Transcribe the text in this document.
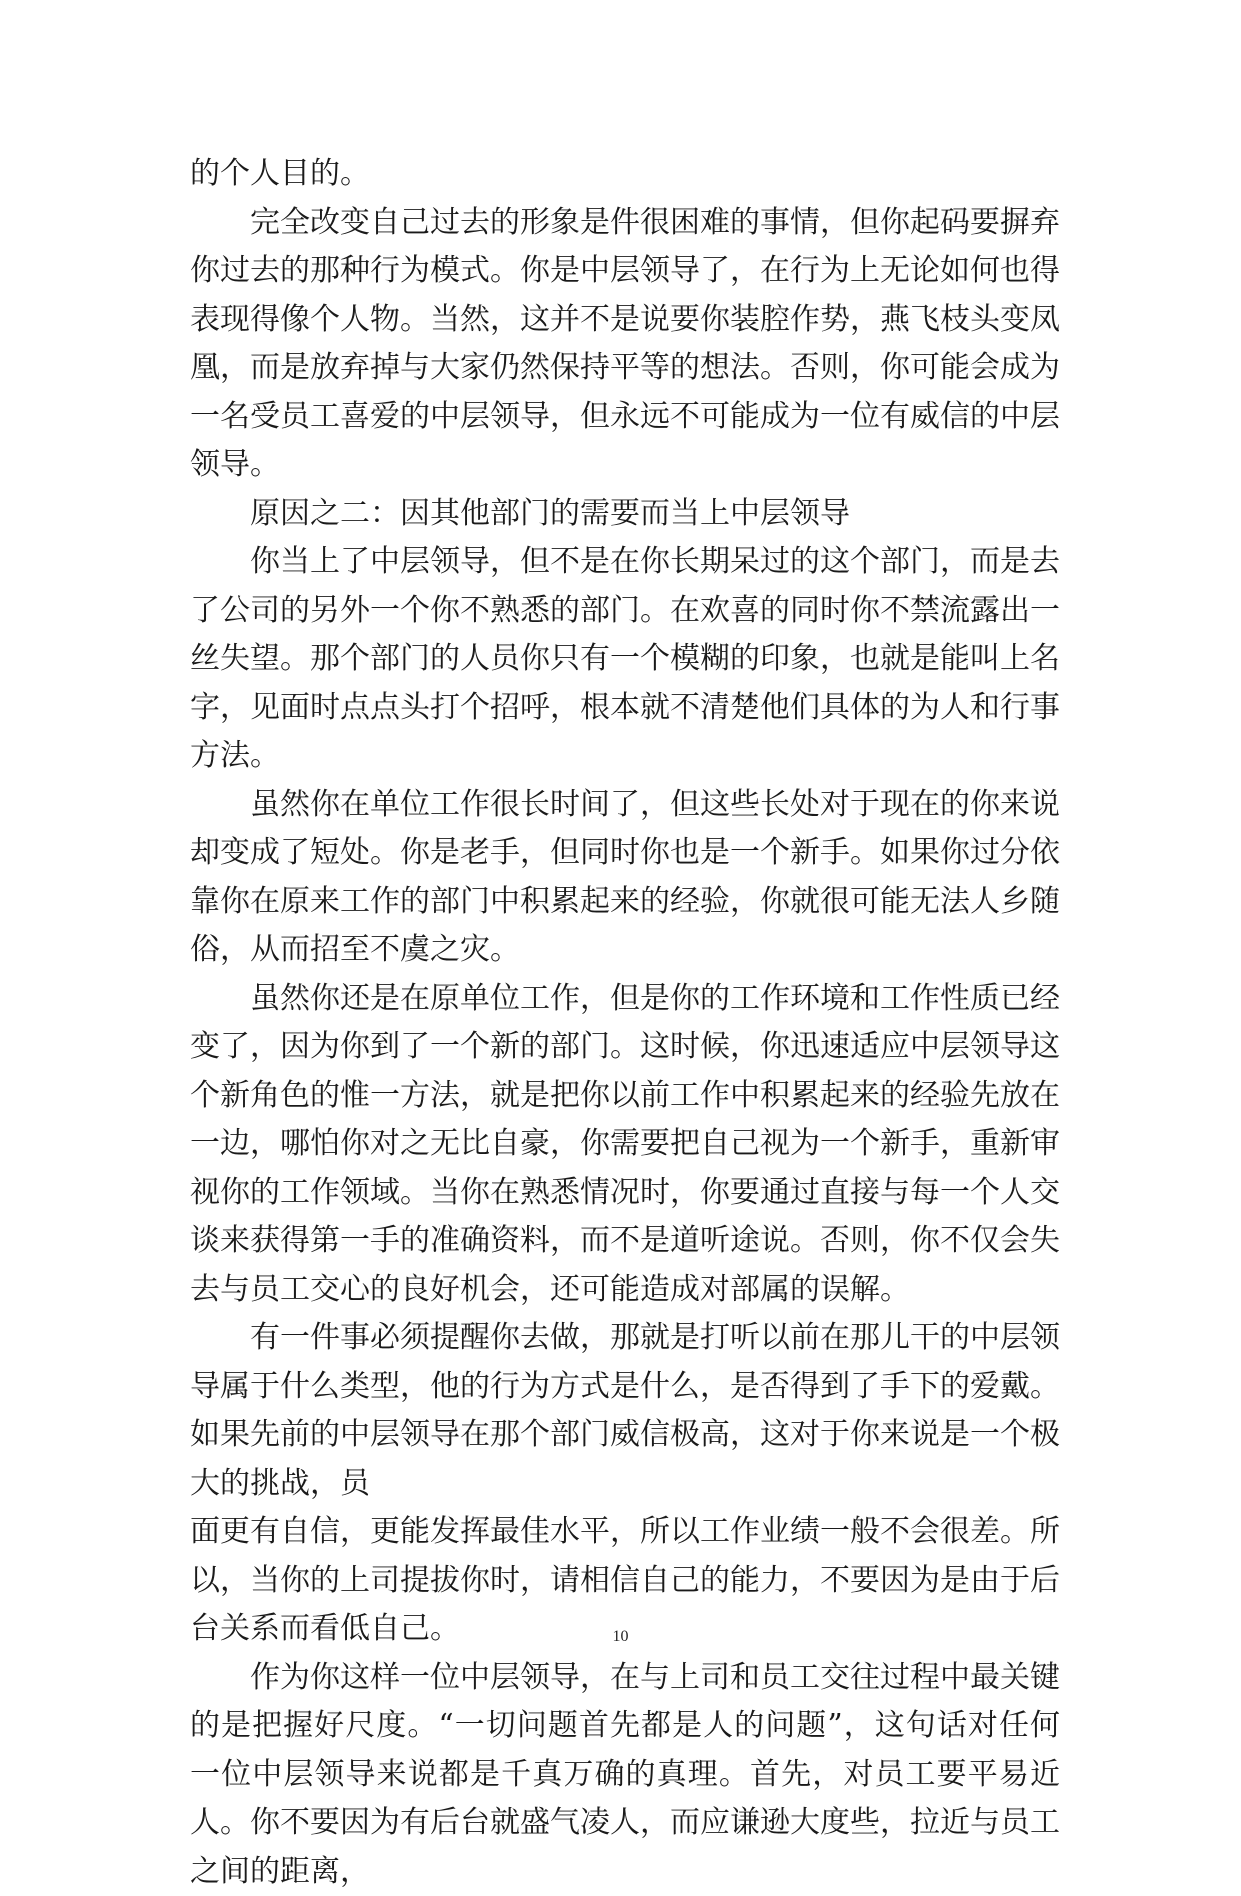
的个人目的。

完全改变自己过去的形象是件很困难的事情，但你起码要摒弃你过去的那种行为模式。你是中层领导了，在行为上无论如何也得表现得像个人物。当然，这并不是说要你装腔作势，燕飞枝头变凤凰，而是放弃掉与大家仍然保持平等的想法。否则，你可能会成为一名受员工喜爱的中层领导，但永远不可能成为一位有威信的中层领导。

原因之二：因其他部门的需要而当上中层领导

你当上了中层领导，但不是在你长期呆过的这个部门，而是去了公司的另外一个你不熟悉的部门。在欢喜的同时你不禁流露出一丝失望。那个部门的人员你只有一个模糊的印象，也就是能叫上名字，见面时点点头打个招呼，根本就不清楚他们具体的为人和行事方法。

虽然你在单位工作很长时间了，但这些长处对于现在的你来说却变成了短处。你是老手，但同时你也是一个新手。如果你过分依靠你在原来工作的部门中积累起来的经验，你就很可能无法人乡随俗，从而招至不虞之灾。

虽然你还是在原单位工作，但是你的工作环境和工作性质已经变了，因为你到了一个新的部门。这时候，你迅速适应中层领导这个新角色的惟一方法，就是把你以前工作中积累起来的经验先放在一边，哪怕你对之无比自豪，你需要把自己视为一个新手，重新审视你的工作领域。当你在熟悉情况时，你要通过直接与每一个人交谈来获得第一手的准确资料，而不是道听途说。否则，你不仅会失去与员工交心的良好机会，还可能造成对部属的误解。

有一件事必须提醒你去做，那就是打听以前在那儿干的中层领导属于什么类型，他的行为方式是什么，是否得到了手下的爱戴。如果先前的中层领导在那个部门威信极高，这对于你来说是一个极大的挑战，员

面更有自信，更能发挥最佳水平，所以工作业绩一般不会很差。所以，当你的上司提拔你时，请相信自己的能力，不要因为是由于后台关系而看低自己。

作为你这样一位中层领导，在与上司和员工交往过程中最关键的是把握好尺度。“一切问题首先都是人的问题”，这句话对任何一位中层领导来说都是千真万确的真理。首先，对员工要平易近人。你不要因为有后台就盛气凌人，而应谦逊大度些，拉近与员工之间的距离，

10
